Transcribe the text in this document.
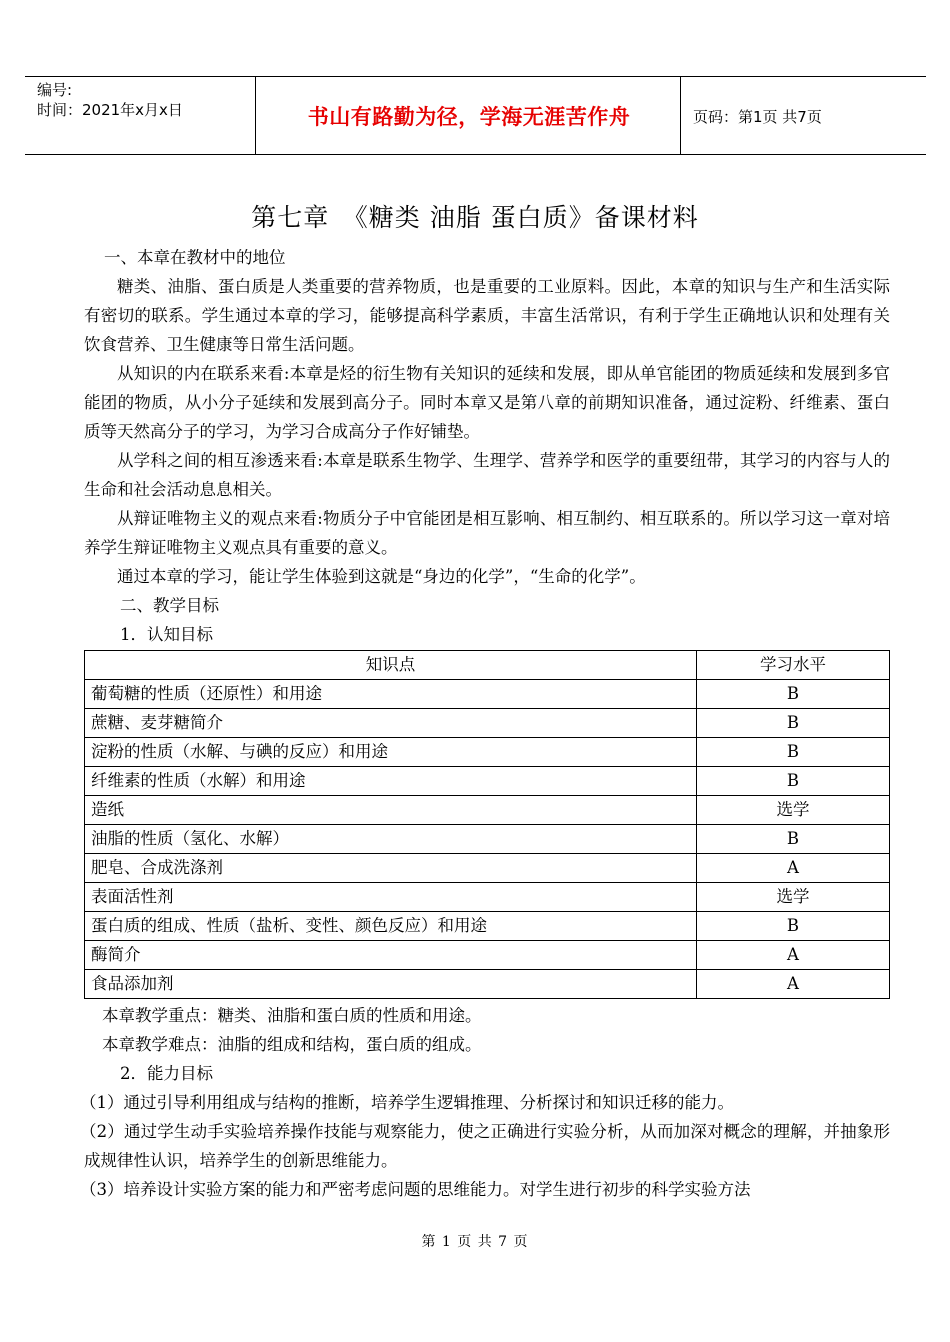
编号:
时间：2021年x月x日	书山有路勤为径，学海无涯苦作舟	页码：第1页 共7页
第七章　《糖类 油脂 蛋白质》备课材料

一、本章在教材中的地位

糖类、油脂、蛋白质是人类重要的营养物质，也是重要的工业原料。因此，本章的知识与生产和生活实际有密切的联系。学生通过本章的学习，能够提高科学素质，丰富生活常识，有利于学生正确地认识和处理有关饮食营养、卫生健康等日常生活问题。

从知识的内在联系来看:本章是烃的衍生物有关知识的延续和发展，即从单官能团的物质延续和发展到多官能团的物质，从小分子延续和发展到高分子。同时本章又是第八章的前期知识准备，通过淀粉、纤维素、蛋白质等天然高分子的学习，为学习合成高分子作好铺垫。

从学科之间的相互渗透来看:本章是联系生物学、生理学、营养学和医学的重要纽带，其学习的内容与人的生命和社会活动息息相关。

从辩证唯物主义的观点来看:物质分子中官能团是相互影响、相互制约、相互联系的。所以学习这一章对培养学生辩证唯物主义观点具有重要的意义。

通过本章的学习，能让学生体验到这就是“身边的化学”，“生命的化学”。

二、教学目标

1．认知目标

知识点	学习水平
葡萄糖的性质（还原性）和用途	B
蔗糖、麦芽糖简介	B
淀粉的性质（水解、与碘的反应）和用途	B
纤维素的性质（水解）和用途	B
造纸	选学
油脂的性质（氢化、水解）	B
肥皂、合成洗涤剂	A
表面活性剂	选学
蛋白质的组成、性质（盐析、变性、颜色反应）和用途	B
酶简介	A
食品添加剂	A

本章教学重点：糖类、油脂和蛋白质的性质和用途。

本章教学难点：油脂的组成和结构，蛋白质的组成。

2．能力目标

（1）通过引导利用组成与结构的推断，培养学生逻辑推理、分析探讨和知识迁移的能力。

（2）通过学生动手实验培养操作技能与观察能力，使之正确进行实验分析，从而加深对概念的理解，并抽象形成规律性认识，培养学生的创新思维能力。

（3）培养设计实验方案的能力和严密考虑问题的思维能力。对学生进行初步的科学实验方法

第 1 页 共 7 页
